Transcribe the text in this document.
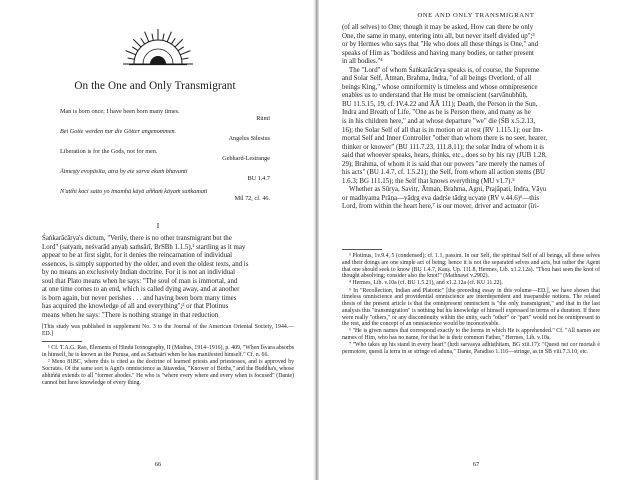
On the One and Only Transmigrant
Man is born once; I have been born many times.
Rūmī
Bei Gotte werden nur die Götter angenommen.
Angelus Silesius
Liberation is for the Gods, not for men.
Gebhard-Lestrange
Ātmeṣṭy evopāsīta, atra hy ete sarva ekaṁ bhavanti
BU 1.4.7
N'atthi koci satto yo imamhā kāyā aññaṁ kāyaṁ saṅkamati
Mil 72, cf. 46.
I

Śaṅkarācārya's dictum, "Verily, there is no other transmigrant but the

Lord" (satyaṁ, neśvarād anyaḥ saṁsārī, BrSBh 1.1.5),¹ startling as it may

appear to be at first sight, for it denies the reincarnation of individual

essences, is simply supported by the older, and even the oldest texts, and is

by no means an exclusively Indian doctrine. For it is not an individual

soul that Plato means when he says: "The soul of man is immortal, and

at one time comes to an end, which is called dying away, and at another

is born again, but never perishes . . . and having been born many times

has acquired the knowledge of all and everything";² or that Plotinus

means when he says: "There is nothing strange in that reduction

[This study was published in supplement No. 3 to the Journal of the American Oriental Society, 1944.—ED.]

¹ Cf. T.A.G. Rao, Elements of Hindu Iconography, II (Madras, 1914–1916), p. 409, "When Īśvara absorbs in himself, he is known as the Puruṣa, and as Saṁsārī when he has manifested himself." Cf. n. 66.

² Meno 81BC, where this is cited as the doctrine of learned priests and priestesses, and is approved by Socrates. Of the same sort is Agni's omniscience as Jātavedas, "Knower of Births," and the Buddha's, whose abhiññā extends to all "former abodes." He who is "where every where and every when is focused" (Dante) cannot but have knowledge of every thing.

66
ONE AND ONLY TRANSMIGRANT

(of all selves) to One; though it may be asked, How can there be only

One, the same in many, entering into all, but never itself divided up";³

or by Hermes who says that "He who does all these things is One," and

speaks of Him as "bodiless and having many bodies, or rather present

in all bodies."⁴

The "Lord" of whom Śaṅkarācārya speaks is, of course, the Supreme

and Solar Self, Ātman, Brahma, Indra, "of all beings Overlord, of all

beings King," whose omniformity is timeless and whose omnipresence

enables us to understand that He must be omniscient (sarvānubhūḥ,

BU 11.5.15, 19, cf. IV.4.22 and ĀĀ 111); Death, the Person in the Sun,

Indra and Breath of Life, "One as he is Person there, and many as he

is in his children here," and at whose departure "we" die (ŚB x.5.2.13,

16); the Solar Self of all that is in motion or at rest (RV 1.115.1); our Im-

mortal Self and Inner Controller "other than whom there is no seer, hearer,

thinker or knower" (BU 111.7.23, 111.8.11); the solar Indra of whom it is

said that whoever speaks, hears, thinks, etc., does so by his ray (JUB 1.28,

29); Brahma, of whom it is said that our powers "are merely the names of

his acts" (BU 1.4.7, cf. 1.5.21); the Self, from whom all action stems (BU

1.6.3; BG 111.15); the Self that knows everything (MU v1.7).⁵

Whether as Sūrya, Savitṛ, Ātman, Brahma, Agni, Prajāpati, Indra, Vāyu

or madhyama Prāṇa—yādṛg eva dadṛśe tādṛg ucyate (RV v.44.6)⁶—this

Lord, from within the heart here,⁷ is our mover, driver and actuator (īri-

³ Plotinus, 1v.9.4, 5 (condensed); cf. 1.1, passim. In our Self, the spiritual Self of all beings, all these selves and their doings are one simple act of being; hence it is not the separated selves and acts, but rather the Agent that one should seek to know (BU 1.4.7, Kauṣ. Up. 111.8, Hermes, Lib. x1.2.12a). "Thou hast seen the knot of thought absolving; consider also the knot!" (Mathnawī v.2902).

⁴ Hermes, Lib. v.10a (cf. BU 1.5.21), and x1.2.12a (cf. KU 11.22).

⁵ In "Recollection, Indian and Platonic" [the preceding essay in this volume—ED.], we have shown that timeless omniscience and providential omniscience are interdependent and inseparable notions. The related thesis of the present article is that the omnipresent omniscient is "the only transmigrant," and that in the last analysis this "transmigration" is nothing but his knowledge of himself expressed in terms of a duration. If there were really "others," or any discontinuity within the unity, each "other" or "part" would not be omnipresent to the rest, and the concept of an omniscience would be inconceivable.

⁶ "He is given names that correspond exactly to the forms in which He is apprehended." Cf. "All names are names of Him, who has no name, for that he is their common Father," Hermes, Lib. v.10a.

⁷ "Who takes up his stand in every heart" (hṛdi sarvasya adhiṣṭhitam, BG xiii.17): "Questi nei cor mortali è permotore, questi la terra in se stringe ed aduna," Dante, Paradiso 1.116—stringe, as in ŚB viii.7.3.10, etc.

67
